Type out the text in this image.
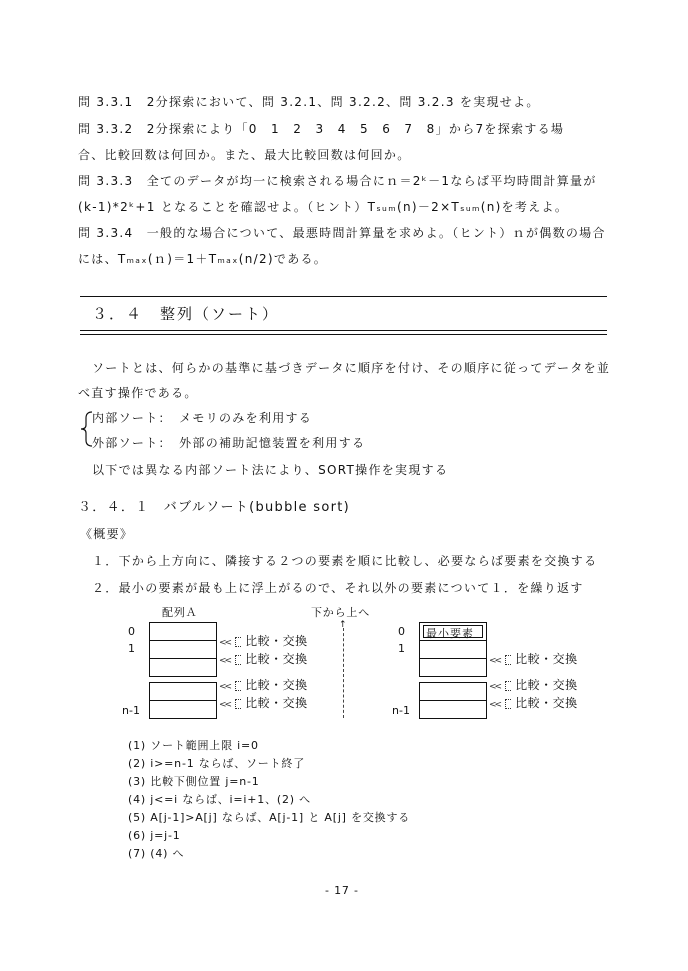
問 3.3.1　2分探索において、問 3.2.1、問 3.2.2、問 3.2.3 を実現せよ。
問 3.3.2　2分探索により「0　1　2　3　4　5　6　7　8」から7を探索する場
合、比較回数は何回か。また、最大比較回数は何回か。
問 3.3.3　全てのデータが均一に検索される場合にｎ＝2ᵏ－1ならば平均時間計算量が
(k-1)*2ᵏ+1 となることを確認せよ。（ヒント）Tₛᵤₘ(n)－2×Tₛᵤₘ(n)を考えよ。
問 3.3.4　一般的な場合について、最悪時間計算量を求めよ。（ヒント）ｎが偶数の場合
には、Tₘₐₓ(ｎ)＝1＋Tₘₐₓ(n/2)である。
３．４　整列（ソート）
ソートとは、何らかの基準に基づきデータに順序を付け、その順序に従ってデータを並
べ直す操作である。
内部ソート：　メモリのみを利用する
外部ソート：　外部の補助記憶装置を利用する
以下では異なる内部ソート法により、SORT操作を実現する
３．４．１　バブルソート(bubble sort)
《概要》
１．下から上方向に、隣接する２つの要素を順に比較し、必要ならば要素を交換する
２．最小の要素が最も上に浮上がるので、それ以外の要素について１．を繰り返す
配列Ａ	下から上へ
0
1
n-1
<< 比較・交換
<< 比較・交換
<< 比較・交換
<< 比較・交換
↑	0
1
n-1
最小要素
<< 比較・交換
<< 比較・交換
<< 比較・交換
(1) ソート範囲上限 i=0
(2) i>=n-1 ならば、ソート終了
(3) 比較下側位置 j=n-1
(4) j<=i ならば、i=i+1、(2) へ
(5) A[j-1]>A[j] ならば、A[j-1] と A[j] を交換する
(6) j=j-1
(7) (4) へ
- 17 -
